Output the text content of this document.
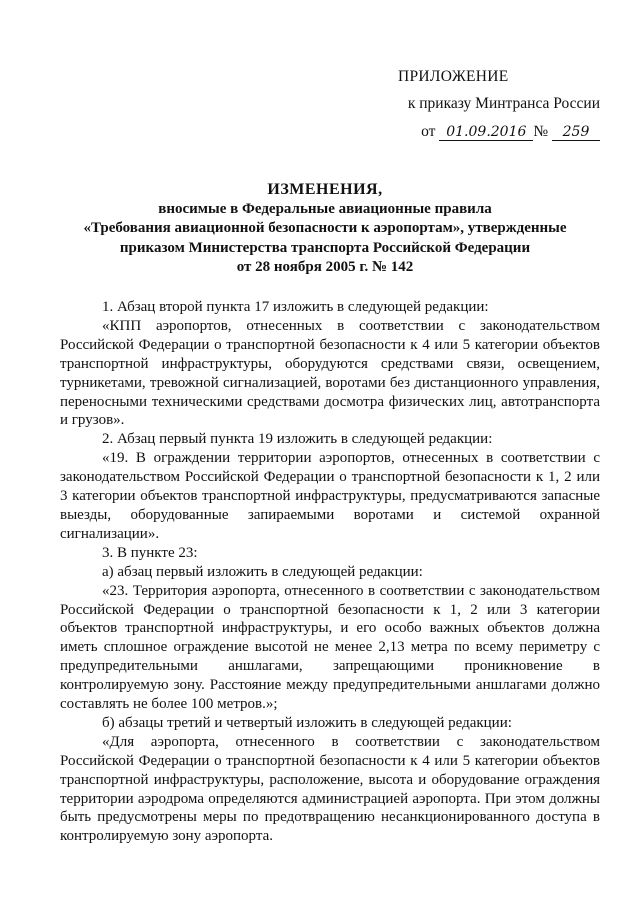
ПРИЛОЖЕНИЕ
к приказу Минтранса России
от 01.09.2016 № 259
ИЗМЕНЕНИЯ,
вносимые в Федеральные авиационные правила
«Требования авиационной безопасности к аэропортам», утвержденные
приказом Министерства транспорта Российской Федерации
от 28 ноября 2005 г. № 142

1. Абзац второй пункта 17 изложить в следующей редакции:

«КПП аэропортов, отнесенных в соответствии с законодательством Российской Федерации о транспортной безопасности к 4 или 5 категории объектов транспортной инфраструктуры, оборудуются средствами связи, освещением, турникетами, тревожной сигнализацией, воротами без дистанционного управления, переносными техническими средствами досмотра физических лиц, автотранспорта и грузов».

2. Абзац первый пункта 19 изложить в следующей редакции:

«19. В ограждении территории аэропортов, отнесенных в соответствии с законодательством Российской Федерации о транспортной безопасности к 1, 2 или 3 категории объектов транспортной инфраструктуры, предусматриваются запасные выезды, оборудованные запираемыми воротами и системой охранной сигнализации».

3. В пункте 23:

а) абзац первый изложить в следующей редакции:

«23. Территория аэропорта, отнесенного в соответствии с законодательством Российской Федерации о транспортной безопасности к 1, 2 или 3 категории объектов транспортной инфраструктуры, и его особо важных объектов должна иметь сплошное ограждение высотой не менее 2,13 метра по всему периметру с предупредительными аншлагами, запрещающими проникновение в контролируемую зону. Расстояние между предупредительными аншлагами должно составлять не более 100 метров.»;

б) абзацы третий и четвертый изложить в следующей редакции:

«Для аэропорта, отнесенного в соответствии с законодательством Российской Федерации о транспортной безопасности к 4 или 5 категории объектов транспортной инфраструктуры, расположение, высота и оборудование ограждения территории аэродрома определяются администрацией аэропорта. При этом должны быть предусмотрены меры по предотвращению несанкционированного доступа в контролируемую зону аэропорта.
